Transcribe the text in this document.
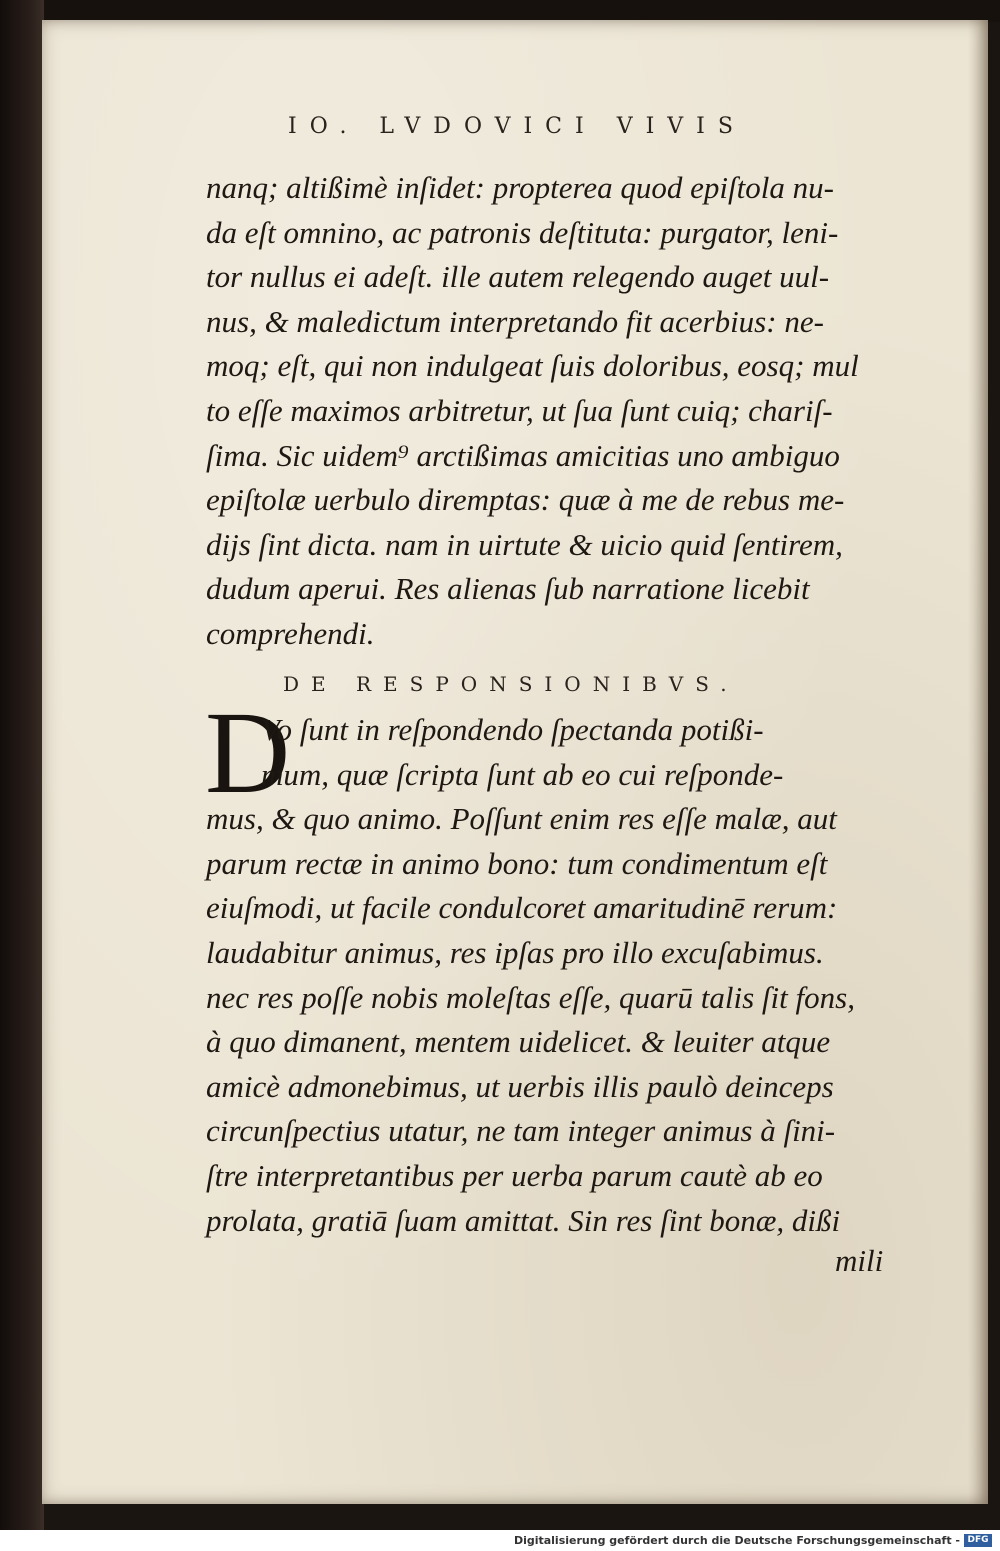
IO. LVDOVICI VIVIS
nanq; altißimè inſidet: propterea quod epiſtola nu-
da eſt omnino, ac patronis deſtituta: purgator, leni-
tor nullus ei adeſt. ille autem relegendo auget uul-
nus, & maledictum interpretando fit acerbius: ne-
moq; eſt, qui non indulgeat ſuis doloribus, eosq; mul
to eſſe maximos arbitretur, ut ſua ſunt cuiq; chariſ-
ſima. Sic uidem⁹ arctißimas amicitias uno ambiguo
epiſtolæ uerbulo diremptas: quæ à me de rebus me-
dijs ſint dicta. nam in uirtute & uicio quid ſentirem,
dudum aperui. Res alienas ſub narratione licebit
comprehendi.
DE RESPONSIONIBVS.
D
Vo ſunt in reſpondendo ſpectanda potißi-
mum, quæ ſcripta ſunt ab eo cui reſponde-
mus, & quo animo. Poſſunt enim res eſſe malæ, aut
parum rectæ in animo bono: tum condimentum eſt
eiuſmodi, ut facile condulcoret amaritudinē rerum:
laudabitur animus, res ipſas pro illo excuſabimus.
nec res poſſe nobis moleſtas eſſe, quarū talis ſit fons,
à quo dimanent, mentem uidelicet. & leuiter atque
amicè admonebimus, ut uerbis illis paulò deinceps
circunſpectius utatur, ne tam integer animus à ſini-
ſtre interpretantibus per uerba parum cautè ab eo
prolata, gratiā ſuam amittat. Sin res ſint bonæ, dißi
mili
Digitalisierung gefördert durch die Deutsche Forschungsgemeinschaft - DFG
